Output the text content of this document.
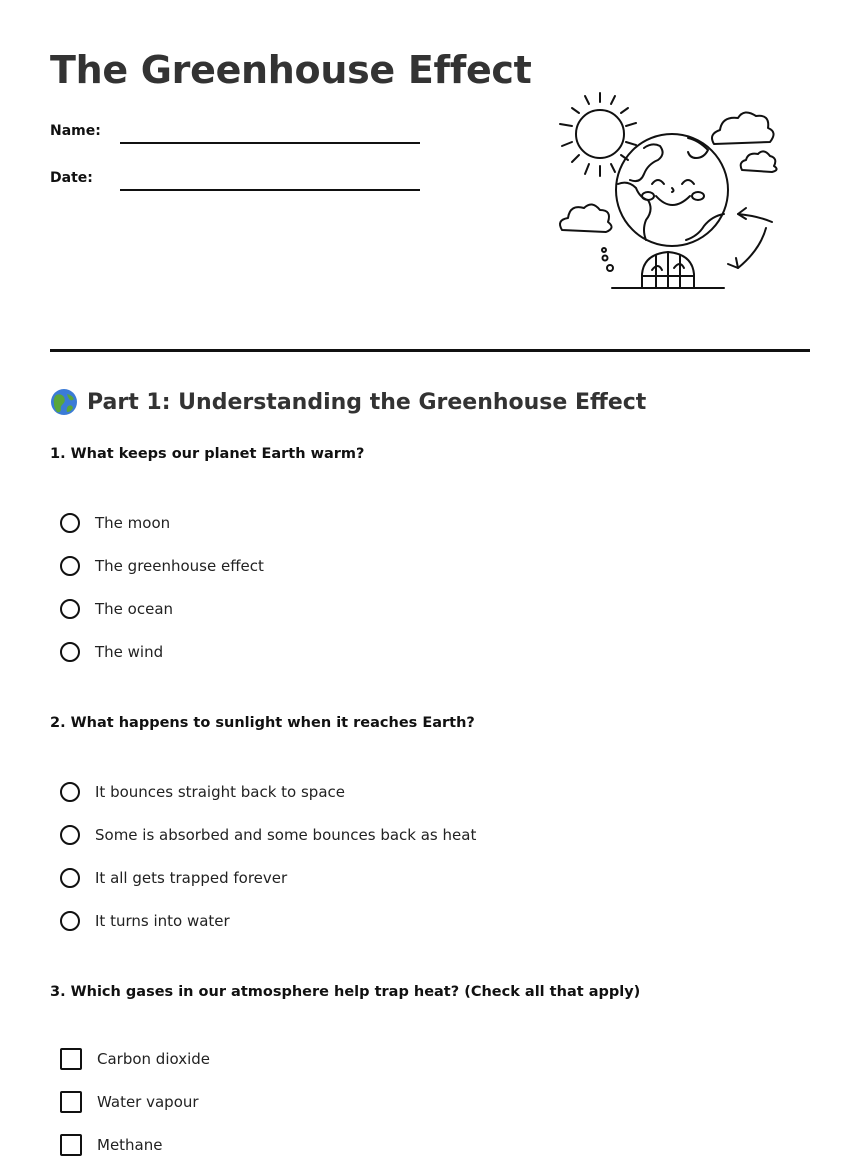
The Greenhouse Effect
Name:
Date:
Part 1: Understanding the Greenhouse Effect

1. What keeps our planet Earth warm?

The moon
The greenhouse effect
The ocean
The wind

2. What happens to sunlight when it reaches Earth?

It bounces straight back to space
Some is absorbed and some bounces back as heat
It all gets trapped forever
It turns into water

3. Which gases in our atmosphere help trap heat? (Check all that apply)

Carbon dioxide
Water vapour
Methane
